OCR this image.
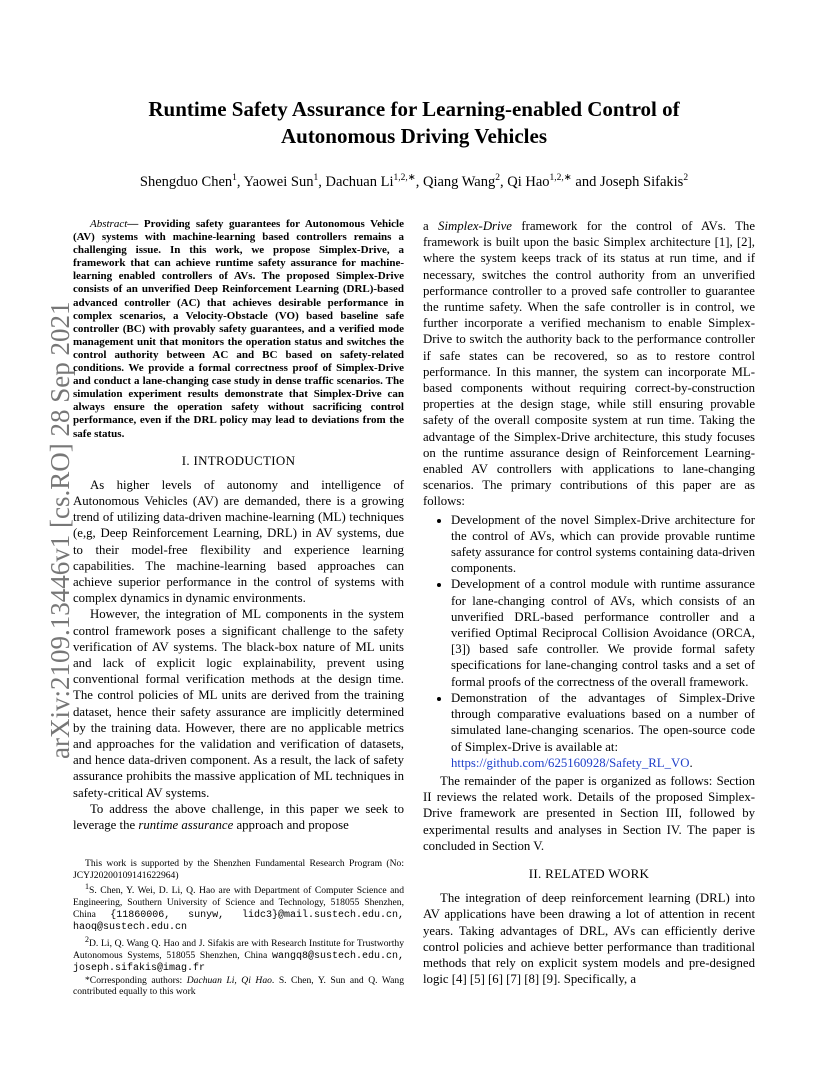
Runtime Safety Assurance for Learning-enabled Control of
Autonomous Driving Vehicles
Shengduo Chen$^1$, Yaowei Sun$^1$, Dachuan $Li^{1,2,∗}$, Qiang Wang$^2$, Qi Hao$^{1,2,∗}$ and Joseph Sifakis$^2$
arXiv:2109.13446v1 [cs.RO] 28 Sep 2021

Abstract— Providing safety guarantees for Autonomous Vehicle (AV) systems with machine-learning based controllers remains a challenging issue. In this work, we propose Simplex-Drive, a framework that can achieve runtime safety assurance for machine-learning enabled controllers of AVs. The proposed Simplex-Drive consists of an unverified Deep Reinforcement Learning (DRL)-based advanced controller (AC) that achieves desirable performance in complex scenarios, a Velocity-Obstacle (VO) based baseline safe controller (BC) with provably safety guarantees, and a verified mode management unit that monitors the operation status and switches the control authority between AC and BC based on safety-related conditions. We provide a formal correctness proof of Simplex-Drive and conduct a lane-changing case study in dense traffic scenarios. The simulation experiment results demonstrate that Simplex-Drive can always ensure the operation safety without sacrificing control performance, even if the DRL policy may lead to deviations from the safe status.

I. INTRODUCTION

As higher levels of autonomy and intelligence of Autonomous Vehicles (AV) are demanded, there is a growing trend of utilizing data-driven machine-learning (ML) techniques (e,g, Deep Reinforcement Learning, DRL) in AV systems, due to their model-free flexibility and experience learning capabilities. The machine-learning based approaches can achieve superior performance in the control of systems with complex dynamics in dynamic environments.

However, the integration of ML components in the system control framework poses a significant challenge to the safety verification of AV systems. The black-box nature of ML units and lack of explicit logic explainability, prevent using conventional formal verification methods at the design time. The control policies of ML units are derived from the training dataset, hence their safety assurance are implicitly determined by the training data. However, there are no applicable metrics and approaches for the validation and verification of datasets, and hence data-driven component. As a result, the lack of safety assurance prohibits the massive application of ML techniques in safety-critical AV systems.

To address the above challenge, in this paper we seek to leverage the runtime assurance approach and propose

This work is supported by the Shenzhen Fundamental Research Program (No: JCYJ20200109141622964)

$^1$S. Chen, Y. Wei, D. Li, Q. Hao are with Department of Computer Science and Engineering, Southern University of Science and Technology, 518055 Shenzhen, China {11860006, sunyw, lidc3}@mail.sustech.edu.cn, haoq@sustech.edu.cn

$^2$D. Li, Q. Wang Q. Hao and J. Sifakis are with Research Institute for Trustworthy Autonomous Systems, 518055 Shenzhen, China wangq8@sustech.edu.cn, joseph.sifakis@imag.fr

*Corresponding authors: Dachuan Li, Qi Hao. S. Chen, Y. Sun and Q. Wang contributed equally to this work

a Simplex-Drive framework for the control of AVs. The framework is built upon the basic Simplex architecture [1], [2], where the system keeps track of its status at run time, and if necessary, switches the control authority from an unverified performance controller to a proved safe controller to guarantee the runtime safety. When the safe controller is in control, we further incorporate a verified mechanism to enable Simplex-Drive to switch the authority back to the performance controller if safe states can be recovered, so as to restore control performance. In this manner, the system can incorporate ML-based components without requiring correct-by-construction properties at the design stage, while still ensuring provable safety of the overall composite system at run time. Taking the advantage of the Simplex-Drive architecture, this study focuses on the runtime assurance design of Reinforcement Learning-enabled AV controllers with applications to lane-changing scenarios. The primary contributions of this paper are as follows:

• Development of the novel Simplex-Drive architecture for the control of AVs, which can provide provable runtime safety assurance for control systems containing data-driven components.
• Development of a control module with runtime assurance for lane-changing control of AVs, which consists of an unverified DRL-based performance controller and a verified Optimal Reciprocal Collision Avoidance (ORCA, [3]) based safe controller. We provide formal safety specifications for lane-changing control tasks and a set of formal proofs of the correctness of the overall framework.
• Demonstration of the advantages of Simplex-Drive through comparative evaluations based on a number of simulated lane-changing scenarios. The open-source code of Simplex-Drive is available at:
https://github.com/625160928/Safety_RL_VO.

The remainder of the paper is organized as follows: Section II reviews the related work. Details of the proposed Simplex-Drive framework are presented in Section III, followed by experimental results and analyses in Section IV. The paper is concluded in Section V.

II. RELATED WORK

The integration of deep reinforcement learning (DRL) into AV applications have been drawing a lot of attention in recent years. Taking advantages of DRL, AVs can efficiently derive control policies and achieve better performance than traditional methods that rely on explicit system models and pre-designed logic [4] [5] [6] [7] [8] [9]. Specifically, a
